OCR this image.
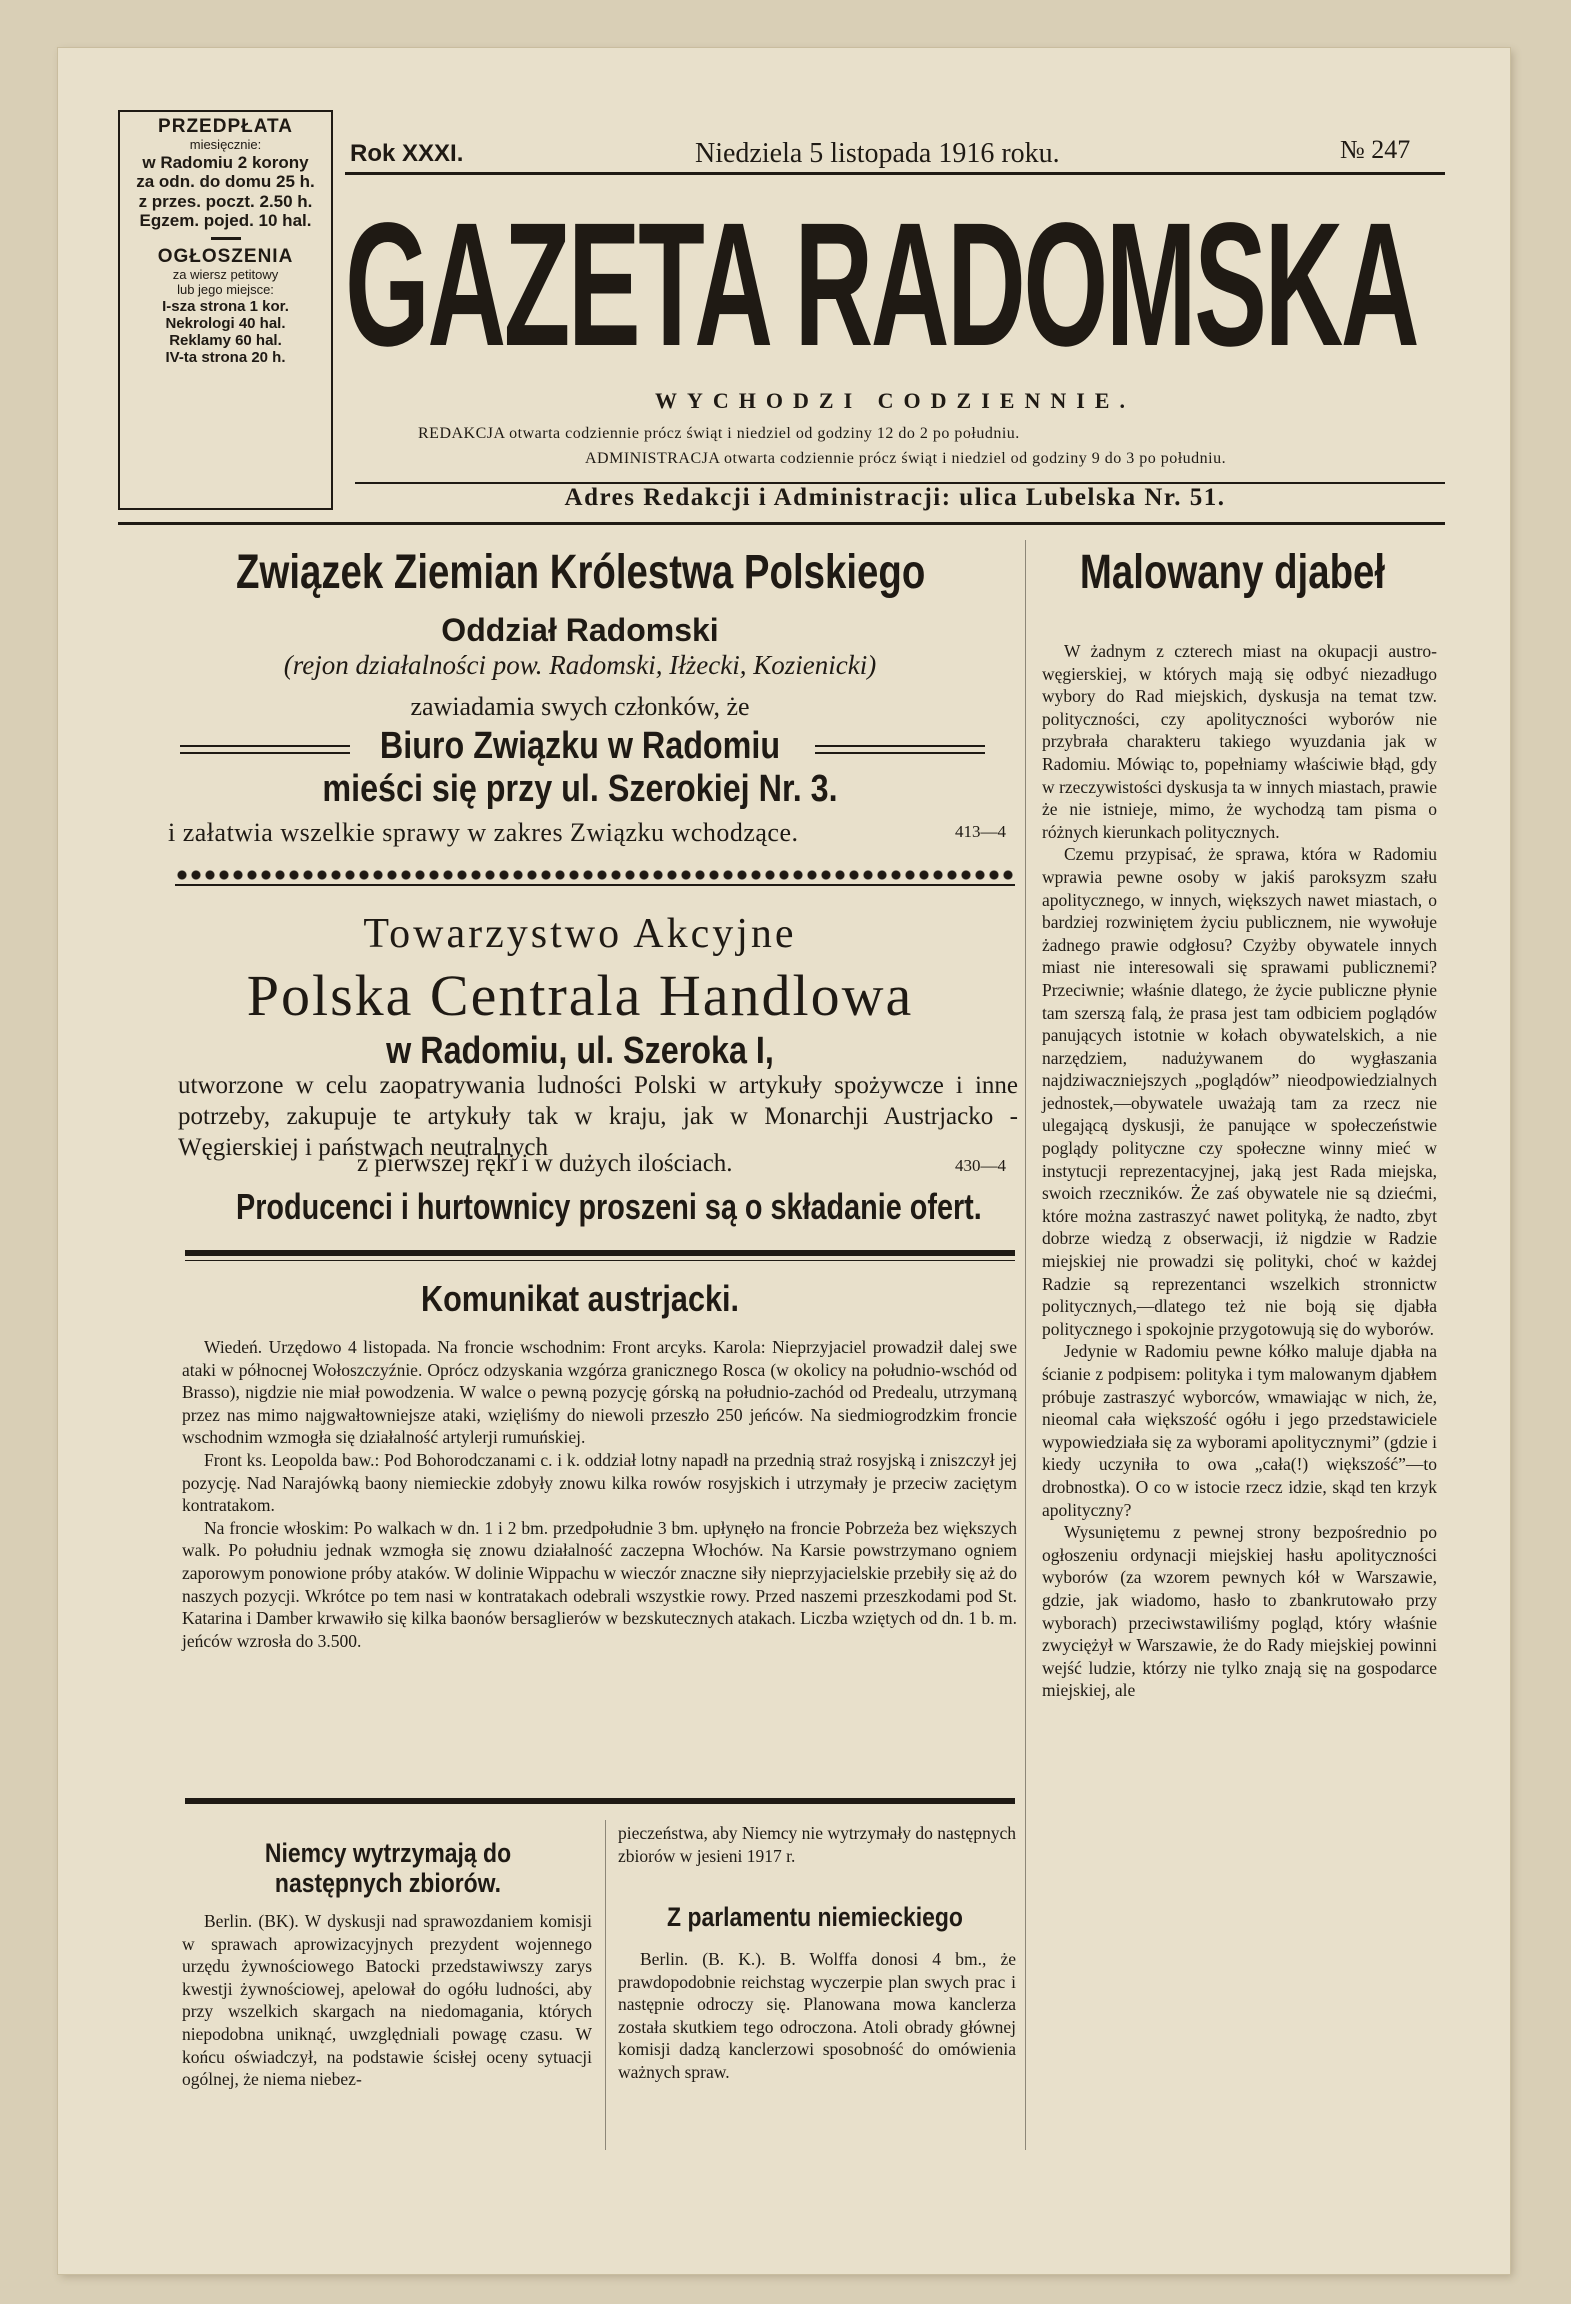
PRZEDPŁATA
miesięcznie:
w Radomiu 2 korony
za odn. do domu 25 h.
z przes. poczt. 2.50 h.
Egzem. pojed. 10 hal.
OGŁOSZENIA
za wiersz petitowy
lub jego miejsce:
I-sza strona 1 kor.
Nekrologi 40 hal.
Reklamy 60 hal.
IV-ta strona 20 h.
Rok XXXI.	Niedziela 5 listopada 1916 roku.	№ 247
GAZETA RADOMSKA
WYCHODZI CODZIENNIE.
REDAKCJA otwarta codziennie prócz świąt i niedziel od godziny 12 do 2 po południu.
ADMINISTRACJA otwarta codziennie prócz świąt i niedziel od godziny 9 do 3 po południu.
Adres Redakcji i Administracji: ulica Lubelska Nr. 51.
Związek Ziemian Królestwa Polskiego
Oddział Radomski
(rejon działalności pow. Radomski, Iłżecki, Kozienicki)
zawiadamia swych członków, że
Biuro Związku w Radomiu
mieści się przy ul. Szerokiej Nr. 3.
i załatwia wszelkie sprawy w zakres Związku wchodzące.	413—4
Towarzystwo Akcyjne
Polska Centrala Handlowa
w Radomiu, ul. Szeroka I,
utworzone w celu zaopatrywania ludności Polski w artykuły spożywcze i inne potrzeby, zakupuje te artykuły tak w kraju, jak w Monarchji Austrjacko - Węgierskiej i państwach neutralnych
z pierwszej ręki i w dużych ilościach.	430—4
Producenci i hurtownicy proszeni są o składanie ofert.
Komunikat austrjacki.

Wiedeń. Urzędowo 4 listopada. Na froncie wschodnim: Front arcyks. Karola: Nieprzyjaciel prowadził dalej swe ataki w północnej Wołoszczyźnie. Oprócz odzyskania wzgórza granicznego Rosca (w okolicy na południo-wschód od Brasso), nigdzie nie miał powodzenia. W walce o pewną pozycję górską na południo-zachód od Predealu, utrzymaną przez nas mimo najgwałtowniejsze ataki, wzięliśmy do niewoli przeszło 250 jeńców. Na siedmiogrodzkim froncie wschodnim wzmogła się działalność artylerji rumuńskiej.

Front ks. Leopolda baw.: Pod Bohorodczanami c. i k. oddział lotny napadł na przednią straż rosyjską i zniszczył jej pozycję. Nad Narajówką baony niemieckie zdobyły znowu kilka rowów rosyjskich i utrzymały je przeciw zaciętym kontratakom.

Na froncie włoskim: Po walkach w dn. 1 i 2 bm. przedpołudnie 3 bm. upłynęło na froncie Pobrzeża bez większych walk. Po południu jednak wzmogła się znowu działalność zaczepna Włochów. Na Karsie powstrzymano ogniem zaporowym ponowione próby ataków. W dolinie Wippachu w wieczór znaczne siły nieprzyjacielskie przebiły się aż do naszych pozycji. Wkrótce po tem nasi w kontratakach odebrali wszystkie rowy. Przed naszemi przeszkodami pod St. Katarina i Damber krwawiło się kilka baonów bersaglierów w bezskutecznych atakach. Liczba wziętych od dn. 1 b. m. jeńców wzrosła do 3.500.

Niemcy wytrzymają do następnych zbiorów.

Berlin. (BK). W dyskusji nad sprawozdaniem komisji w sprawach aprowizacyjnych prezydent wojennego urzędu żywnościowego Batocki przedstawiwszy zarys kwestji żywnościowej, apelował do ogółu ludności, aby przy wszelkich skargach na niedomagania, których niepodobna uniknąć, uwzględniali powagę czasu. W końcu oświadczył, na podstawie ścisłej oceny sytuacji ogólnej, że niema niebez-

pieczeństwa, aby Niemcy nie wytrzymały do następnych zbiorów w jesieni 1917 r.
Z parlamentu niemieckiego

Berlin. (B. K.). B. Wolffa donosi 4 bm., że prawdopodobnie reichstag wyczerpie plan swych prac i następnie odroczy się. Planowana mowa kanclerza została skutkiem tego odroczona. Atoli obrady głównej komisji dadzą kanclerzowi sposobność do omówienia ważnych spraw.

Malowany djabeł

W żadnym z czterech miast na okupacji austro-węgierskiej, w których mają się odbyć niezadługo wybory do Rad miejskich, dyskusja na temat tzw. polityczności, czy apolityczności wyborów nie przybrała charakteru takiego wyuzdania jak w Radomiu. Mówiąc to, popełniamy właściwie błąd, gdy w rzeczywistości dyskusja ta w innych miastach, prawie że nie istnieje, mimo, że wychodzą tam pisma o różnych kierunkach politycznych.

Czemu przypisać, że sprawa, która w Radomiu wprawia pewne osoby w jakiś paroksyzm szału apolitycznego, w innych, większych nawet miastach, o bardziej rozwiniętem życiu publicznem, nie wywołuje żadnego prawie odgłosu? Czyżby obywatele innych miast nie interesowali się sprawami publicznemi? Przeciwnie; właśnie dlatego, że życie publiczne płynie tam szerszą falą, że prasa jest tam odbiciem poglądów panujących istotnie w kołach obywatelskich, a nie narzędziem, nadużywanem do wygłaszania najdziwaczniejszych „poglądów” nieodpowiedzialnych jednostek,—obywatele uważają tam za rzecz nie ulegającą dyskusji, że panujące w społeczeństwie poglądy polityczne czy społeczne winny mieć w instytucji reprezentacyjnej, jaką jest Rada miejska, swoich rzeczników. Że zaś obywatele nie są dziećmi, które można zastraszyć nawet polityką, że nadto, zbyt dobrze wiedzą z obserwacji, iż nigdzie w Radzie miejskiej nie prowadzi się polityki, choć w każdej Radzie są reprezentanci wszelkich stronnictw politycznych,—dlatego też nie boją się djabła politycznego i spokojnie przygotowują się do wyborów.

Jedynie w Radomiu pewne kółko maluje djabła na ścianie z podpisem: polityka i tym malowanym djabłem próbuje zastraszyć wyborców, wmawiając w nich, że, nieomal cała większość ogółu i jego przedstawiciele wypowiedziała się za wyborami apolitycznymi” (gdzie i kiedy uczyniła to owa „cała(!) większość”—to drobnostka). O co w istocie rzecz idzie, skąd ten krzyk apolityczny?

Wysuniętemu z pewnej strony bezpośrednio po ogłoszeniu ordynacji miejskiej hasłu apolityczności wyborów (za wzorem pewnych kół w Warszawie, gdzie, jak wiadomo, hasło to zbankrutowało przy wyborach) przeciwstawiliśmy pogląd, który właśnie zwyciężył w Warszawie, że do Rady miejskiej powinni wejść ludzie, którzy nie tylko znają się na gospodarce miejskiej, ale
